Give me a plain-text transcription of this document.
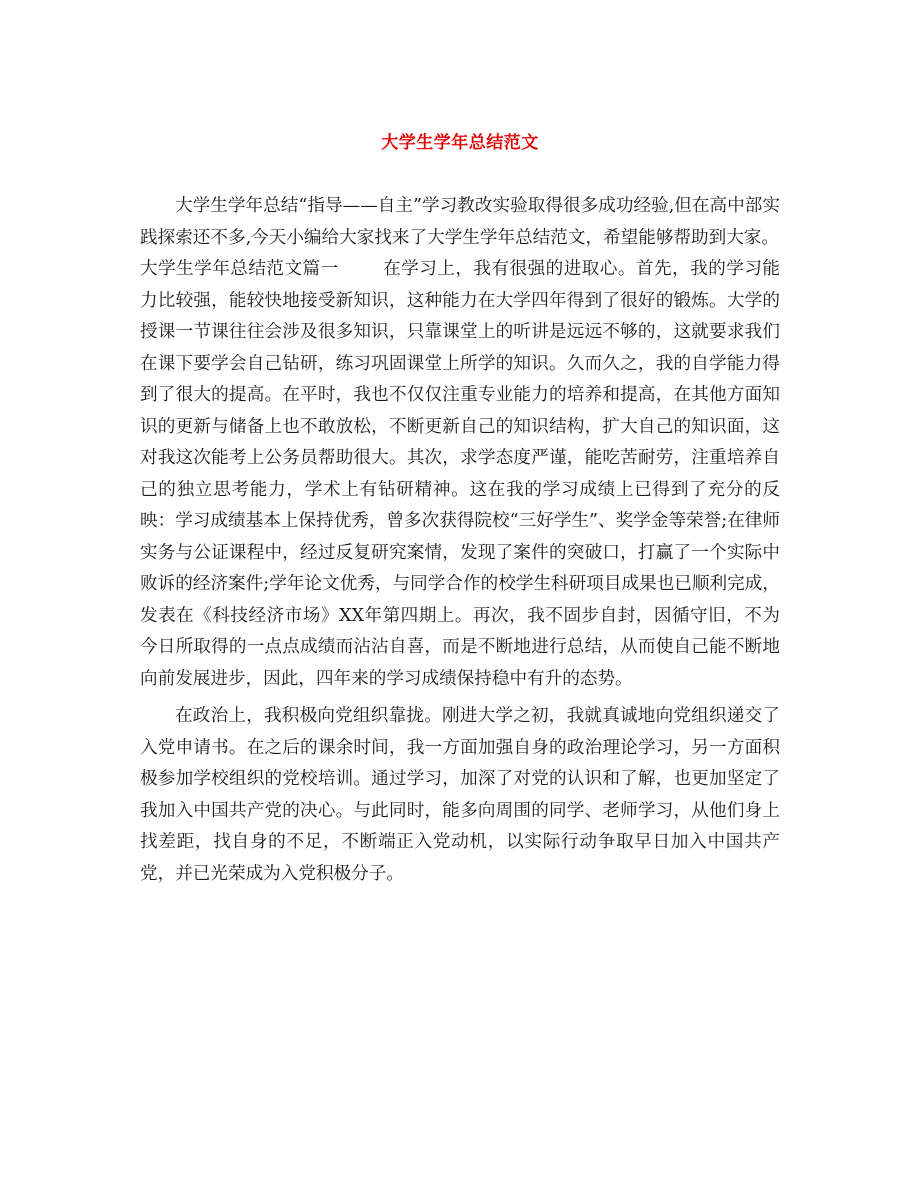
大学生学年总结范文

大学生学年总结“指导——自主”学习教改实验取得很多成功经验,但在高中部实践探索还不多,今天小编给大家找来了大学生学年总结范文，希望能够帮助到大家。

大学生学年总结范文篇一	在学习上，我有很强的进取心。首先，我的学习能力比较强，能较快地接受新知识，这种能力在大学四年得到了很好的锻炼。大学的授课一节课往往会涉及很多知识，只靠课堂上的听讲是远远不够的，这就要求我们在课下要学会自己钻研，练习巩固课堂上所学的知识。久而久之，我的自学能力得到了很大的提高。在平时，我也不仅仅注重专业能力的培养和提高，在其他方面知识的更新与储备上也不敢放松，不断更新自己的知识结构，扩大自己的知识面，这对我这次能考上公务员帮助很大。其次，求学态度严谨，能吃苦耐劳，注重培养自己的独立思考能力，学术上有钻研精神。这在我的学习成绩上已得到了充分的反映：学习成绩基本上保持优秀，曾多次获得院校“三好学生”、奖学金等荣誉;在律师实务与公证课程中，经过反复研究案情，发现了案件的突破口，打赢了一个实际中败诉的经济案件;学年论文优秀，与同学合作的校学生科研项目成果也已顺利完成，发表在《科技经济市场》XX年第四期上。再次，我不固步自封，因循守旧，不为今日所取得的一点点成绩而沾沾自喜，而是不断地进行总结，从而使自己能不断地向前发展进步，因此，四年来的学习成绩保持稳中有升的态势。

在政治上，我积极向党组织靠拢。刚进大学之初，我就真诚地向党组织递交了入党申请书。在之后的课余时间，我一方面加强自身的政治理论学习，另一方面积极参加学校组织的党校培训。通过学习，加深了对党的认识和了解，也更加坚定了我加入中国共产党的决心。与此同时，能多向周围的同学、老师学习，从他们身上找差距，找自身的不足，不断端正入党动机，以实际行动争取早日加入中国共产党，并已光荣成为入党积极分子。
